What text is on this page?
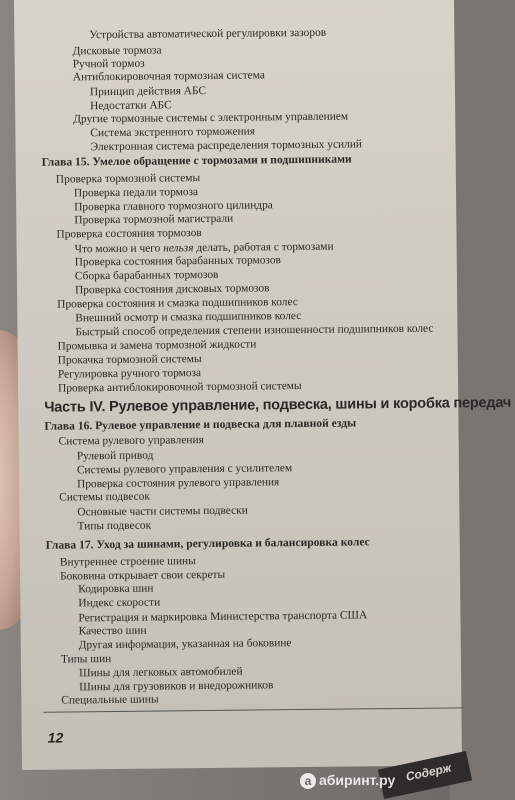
Устройства автоматической регулировки зазоров
Дисковые тормоза
Ручной тормоз
Антиблокировочная тормозная система
Принцип действия АБС
Недостатки АБС
Другие тормозные системы с электронным управлением
Система экстренного торможения
Электронная система распределения тормозных усилий
Глава 15. Умелое обращение с тормозами и подшипниками
Проверка тормозной системы
Проверка педали тормоза
Проверка главного тормозного цилиндра
Проверка тормозной магистрали
Проверка состояния тормозов
Что можно и чего нельзя делать, работая с тормозами
Проверка состояния барабанных тормозов
Сборка барабанных тормозов
Проверка состояния дисковых тормозов
Проверка состояния и смазка подшипников колес
Внешний осмотр и смазка подшипников колес
Быстрый способ определения степени изношенности подшипников колес
Промывка и замена тормозной жидкости
Прокачка тормозной системы
Регулировка ручного тормоза
Проверка антиблокировочной тормозной системы
Часть IV. Рулевое управление, подвеска, шины и коробка передач
Глава 16. Рулевое управление и подвеска для плавной езды
Система рулевого управления
Рулевой привод
Системы рулевого управления с усилителем
Проверка состояния рулевого управления
Системы подвесок
Основные части системы подвески
Типы подвесок
Глава 17. Уход за шинами, регулировка и балансировка колес
Внутреннее строение шины
Боковина открывает свои секреты
Кодировка шин
Индекс скорости
Регистрация и маркировка Министерства транспорта США
Качество шин
Другая информация, указанная на боковине
Типы шин
Шины для легковых автомобилей
Шины для грузовиков и внедорожников
Специальные шины
12
Содерж
a абиринт.ру
